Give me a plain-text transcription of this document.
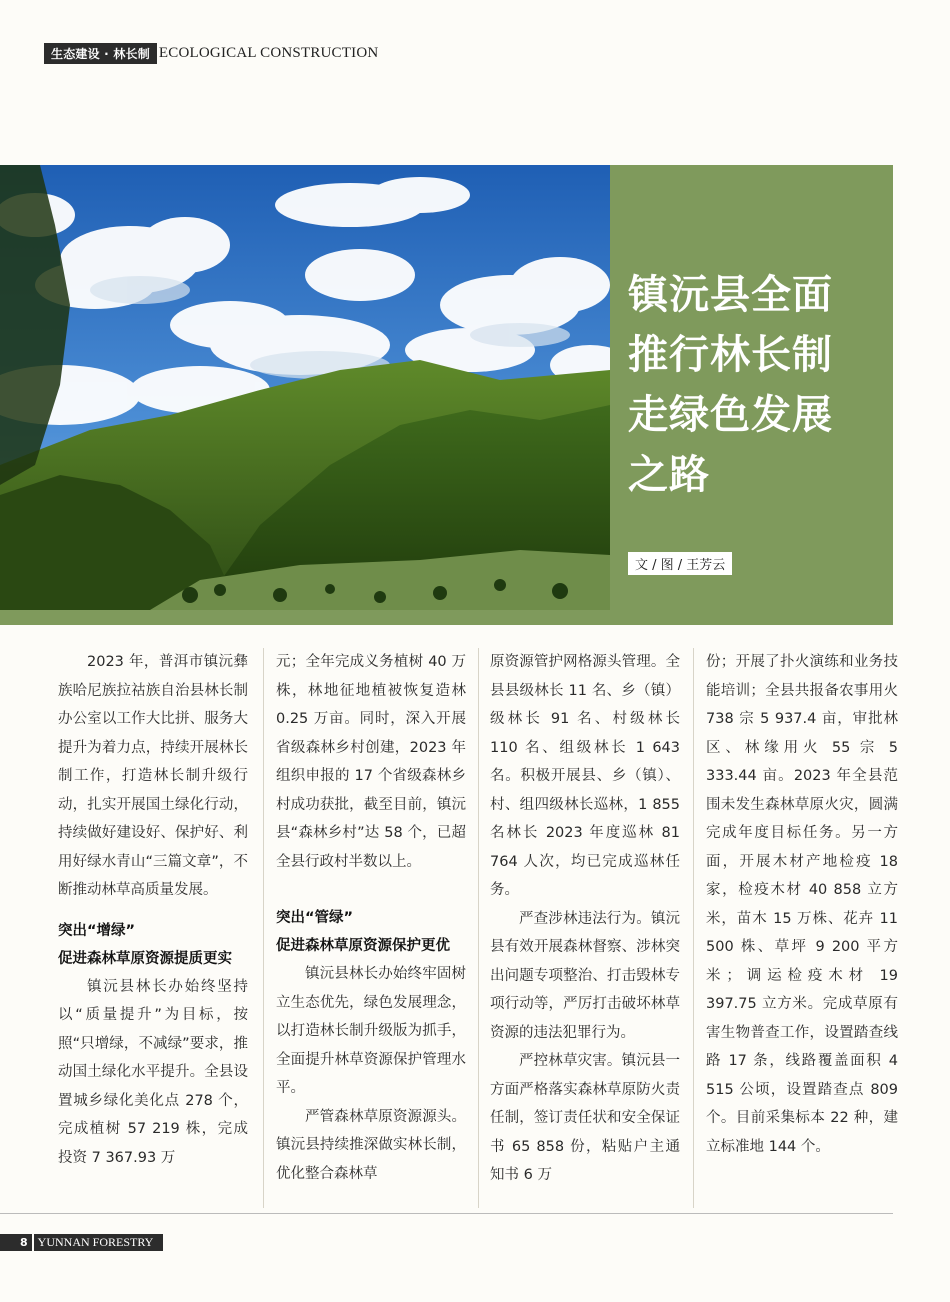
生态建设 · 林长制 ECOLOGICAL CONSTRUCTION
镇沅县全面
推行林长制
走绿色发展
之路
文 / 图 / 王芳云

2023 年，普洱市镇沅彝族哈尼族拉祜族自治县林长制办公室以工作大比拼、服务大提升为着力点，持续开展林长制工作，打造林长制升级行动，扎实开展国土绿化行动，持续做好建设好、保护好、利用好绿水青山“三篇文章”，不断推动林草高质量发展。

突出“增绿”
促进森林草原资源提质更实

镇沅县林长办始终坚持以“质量提升”为目标，按照“只增绿，不减绿”要求，推动国土绿化水平提升。全县设置城乡绿化美化点 278 个，完成植树 57 219 株，完成投资 7 367.93 万

元；全年完成义务植树 40 万株，林地征地植被恢复造林 0.25 万亩。同时，深入开展省级森林乡村创建，2023 年组织申报的 17 个省级森林乡村成功获批，截至目前，镇沅县“森林乡村”达 58 个，已超全县行政村半数以上。

突出“管绿”
促进森林草原资源保护更优

镇沅县林长办始终牢固树立生态优先，绿色发展理念，以打造林长制升级版为抓手，全面提升林草资源保护管理水平。

严管森林草原资源源头。镇沅县持续推深做实林长制，优化整合森林草

原资源管护网格源头管理。全县县级林长 11 名、乡（镇）级林长 91 名、村级林长 110 名、组级林长 1 643 名。积极开展县、乡（镇）、村、组四级林长巡林，1 855 名林长 2023 年度巡林 81 764 人次，均已完成巡林任务。

严查涉林违法行为。镇沅县有效开展森林督察、涉林突出问题专项整治、打击毁林专项行动等，严厉打击破坏林草资源的违法犯罪行为。

严控林草灾害。镇沅县一方面严格落实森林草原防火责任制，签订责任状和安全保证书 65 858 份，粘贴户主通知书 6 万

份；开展了扑火演练和业务技能培训；全县共报备农事用火 738 宗 5 937.4 亩，审批林区、林缘用火 55 宗 5 333.44 亩。2023 年全县范围未发生森林草原火灾，圆满完成年度目标任务。另一方面，开展木材产地检疫 18 家，检疫木材 40 858 立方米，苗木 15 万株、花卉 11 500 株、草坪 9 200 平方米；调运检疫木材 19 397.75 立方米。完成草原有害生物普查工作，设置踏查线路 17 条，线路覆盖面积 4 515 公顷，设置踏查点 809 个。目前采集标本 22 种，建立标准地 144 个。

8 YUNNAN FORESTRY
